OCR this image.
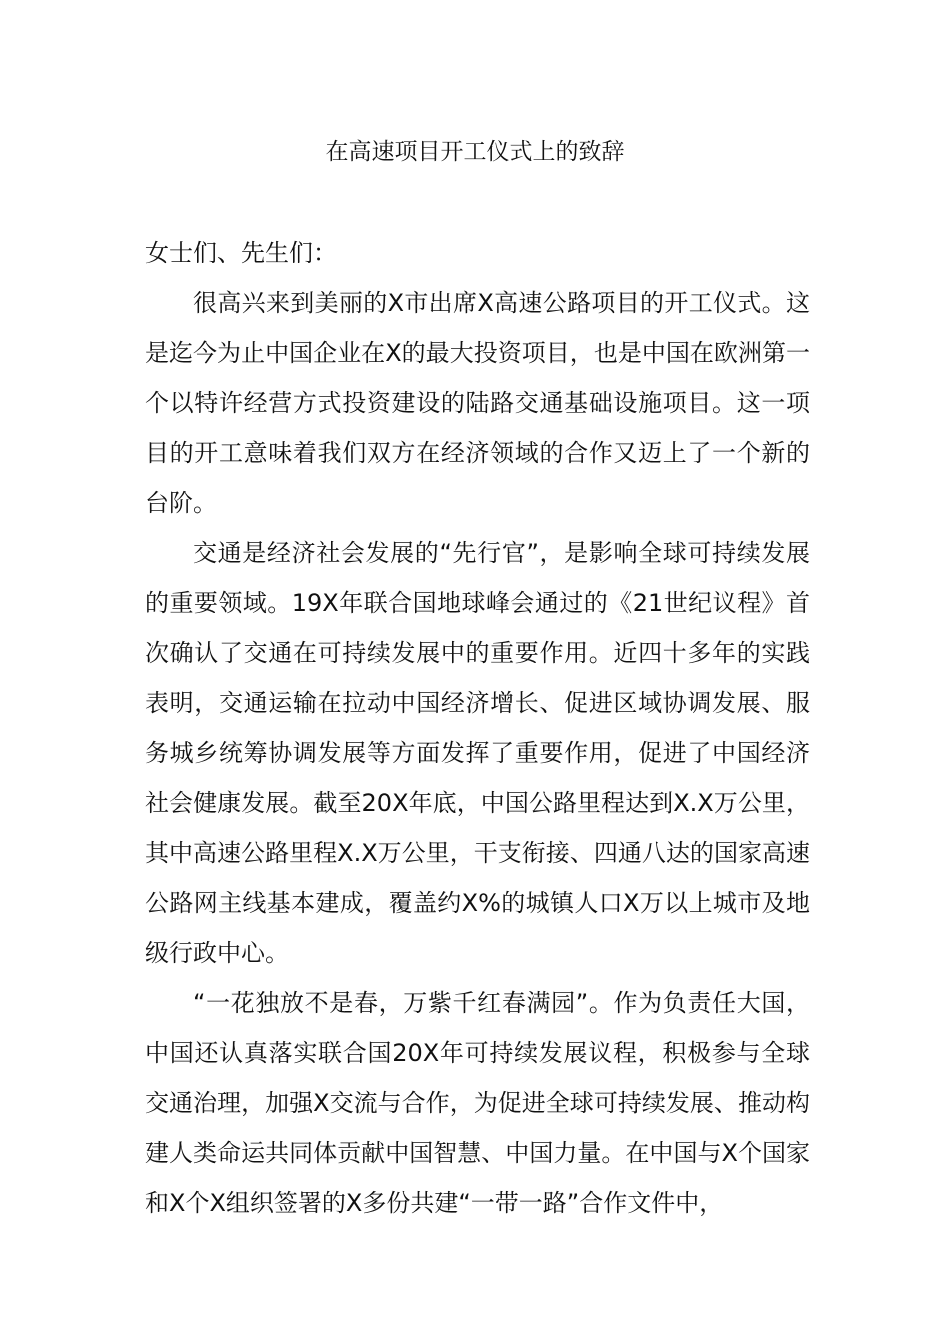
在高速项目开工仪式上的致辞

女士们、先生们：

很高兴来到美丽的X市出席X高速公路项目的开工仪式。这是迄今为止中国企业在X的最大投资项目，也是中国在欧洲第一个以特许经营方式投资建设的陆路交通基础设施项目。这一项目的开工意味着我们双方在经济领域的合作又迈上了一个新的台阶。

交通是经济社会发展的“先行官”，是影响全球可持续发展的重要领域。19X年联合国地球峰会通过的《21世纪议程》首次确认了交通在可持续发展中的重要作用。近四十多年的实践表明，交通运输在拉动中国经济增长、促进区域协调发展、服务城乡统筹协调发展等方面发挥了重要作用，促进了中国经济社会健康发展。截至20X年底，中国公路里程达到X.X万公里，其中高速公路里程X.X万公里，干支衔接、四通八达的国家高速公路网主线基本建成，覆盖约X%的城镇人口X万以上城市及地级行政中心。

“一花独放不是春，万紫千红春满园”。作为负责任大国，中国还认真落实联合国20X年可持续发展议程，积极参与全球交通治理，加强X交流与合作，为促进全球可持续发展、推动构建人类命运共同体贡献中国智慧、中国力量。在中国与X个国家和X个X组织签署的X多份共建“一带一路”合作文件中，
